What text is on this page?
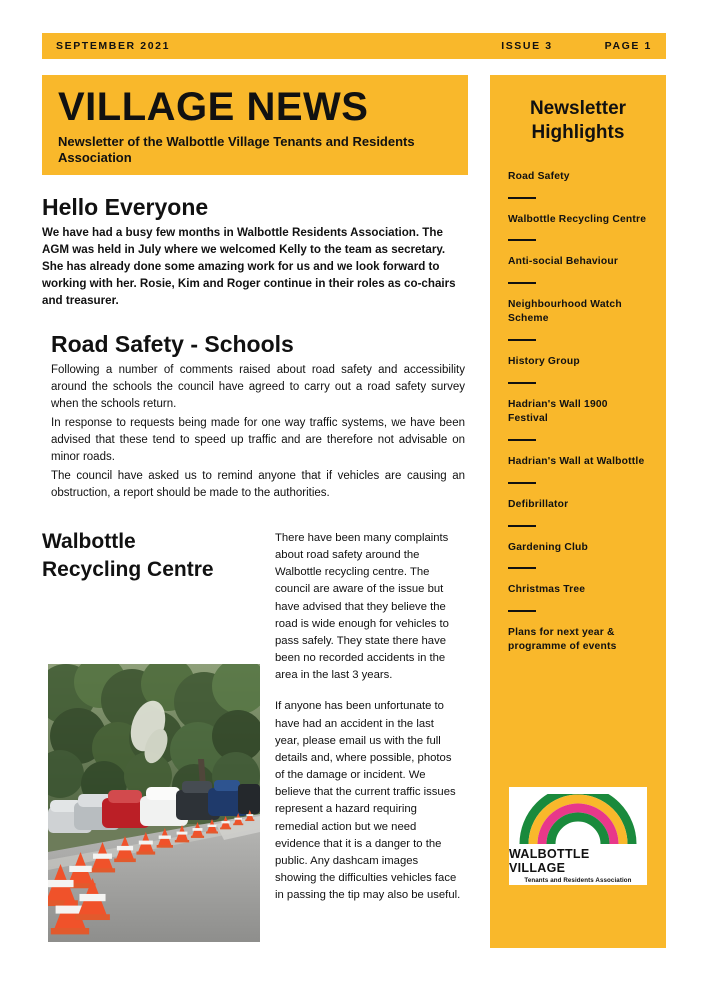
SEPTEMBER 2021	ISSUE 3	PAGE 1
VILLAGE NEWS
Newsletter of the Walbottle Village Tenants and Residents Association
Hello Everyone

We have had a busy few months in Walbottle Residents Association. The AGM was held in July where we welcomed Kelly to the team as secretary. She has already done some amazing work for us and we look forward to working with her. Rosie, Kim and Roger continue in their roles as co-chairs and treasurer.

Road Safety - Schools

Following a number of comments raised about road safety and accessibility around the schools the council have agreed to carry out a road safety survey when the schools return.

In response to requests being made for one way traffic systems, we have been advised that these tend to speed up traffic and are therefore not advisable on minor roads.

The council have asked us to remind anyone that if vehicles are causing an obstruction, a report should be made to the authorities.

Walbottle Recycling Centre

There have been many complaints about road safety around the Walbottle recycling centre. The council are aware of the issue but have advised that they believe the road is wide enough for vehicles to pass safely. They state there have been no recorded accidents in the area in the last 3 years.

If anyone has been unfortunate to have had an accident in the last year, please email us with the full details and, where possible, photos of the damage or incident. We believe that the current traffic issues represent a hazard requiring remedial action but we need evidence that it is a danger to the public. Any dashcam images showing the difficulties vehicles face in passing the tip may also be useful.

Newsletter Highlights

Road Safety

Walbottle Recycling Centre

Anti-social Behaviour

Neighbourhood Watch Scheme

History Group

Hadrian's Wall 1900 Festival

Hadrian's Wall at Walbottle

Defibrillator

Gardening Club

Christmas Tree

Plans for next year & programme of events

WALBOTTLE VILLAGE
Tenants and Residents Association
